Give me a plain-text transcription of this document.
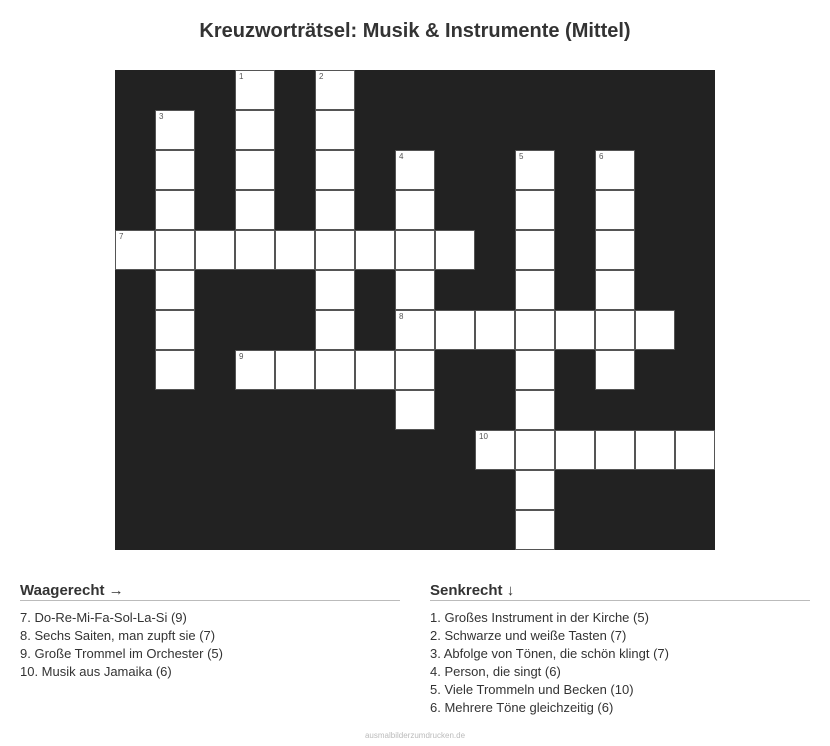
Kreuzworträtsel: Musik & Instrumente (Mittel)
1	2
3
4	5	6
7
8
9
10
Waagerecht →
7. Do-Re-Mi-Fa-Sol-La-Si (9)
8. Sechs Saiten, man zupft sie (7)
9. Große Trommel im Orchester (5)
10. Musik aus Jamaika (6)
Senkrecht ↓
1. Großes Instrument in der Kirche (5)
2. Schwarze und weiße Tasten (7)
3. Abfolge von Tönen, die schön klingt (7)
4. Person, die singt (6)
5. Viele Trommeln und Becken (10)
6. Mehrere Töne gleichzeitig (6)
ausmalbilderzumdrucken.de
